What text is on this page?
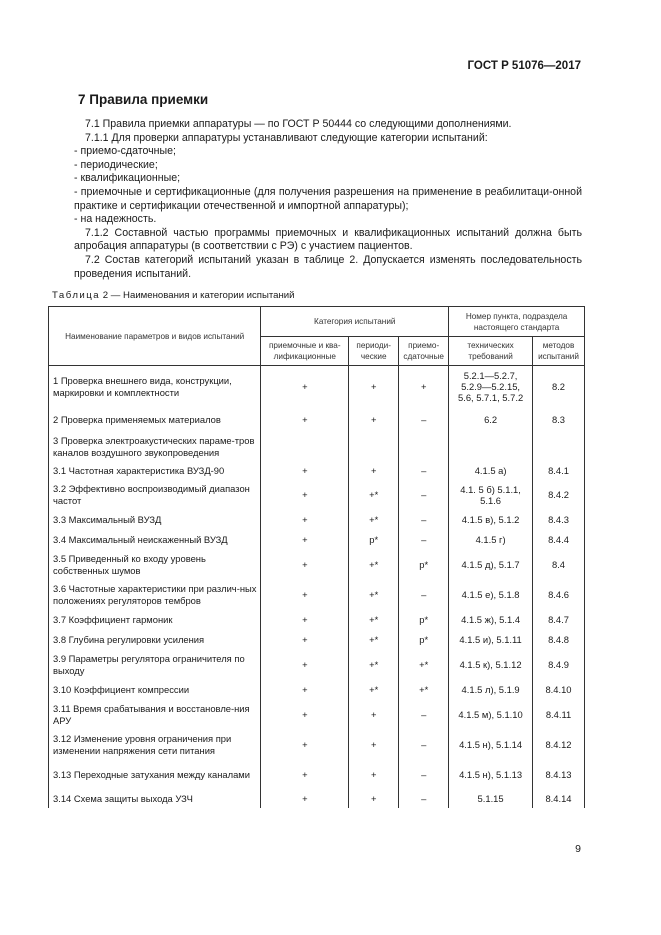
ГОСТ Р 51076—2017
7 Правила приемки

7.1 Правила приемки аппаратуры — по ГОСТ Р 50444 со следующими дополнениями.

7.1.1 Для проверки аппаратуры устанавливают следующие категории испытаний:

- приемо-сдаточные;

- периодические;

- квалификационные;

- приемочные и сертификационные (для получения разрешения на применение в реабилитаци-онной практике и сертификации отечественной и импортной аппаратуры);

- на надежность.

7.1.2 Составной частью программы приемочных и квалификационных испытаний должна быть апробация аппаратуры (в соответствии с РЭ) с участием пациентов.

7.2 Состав категорий испытаний указан в таблице 2. Допускается изменять последовательность проведения испытаний.

Таблица 2 — Наименования и категории испытаний
Наименование параметров и видов испытаний	Категория испытаний			Номер пункта, подраздела настоящего стандарта	
	приемочные и ква-лификационные	периоди-ческие	приемо-сдаточные	технических требований	методов испытаний
1 Проверка внешнего вида, конструкции, маркировки и комплектности	+	+	+	5.2.1—5.2.7, 5.2.9—5.2.15, 5.6, 5.7.1, 5.7.2	8.2
2 Проверка применяемых материалов	+	+	–	6.2	8.3
3 Проверка электроакустических параме-тров каналов воздушного звукопроведения					
3.1 Частотная характеристика ВУЗД-90	+	+	–	4.1.5 а)	8.4.1
3.2 Эффективно воспроизводимый диапазон частот	+	+*	–	4.1. 5 б) 5.1.1, 5.1.6	8.4.2
3.3 Максимальный ВУЗД	+	+*	–	4.1.5 в), 5.1.2	8.4.3
3.4 Максимальный неискаженный ВУЗД	+	p*	–	4.1.5 г)	8.4.4
3.5 Приведенный ко входу уровень собственных шумов	+	+*	p*	4.1.5 д), 5.1.7	8.4
3.6 Частотные характеристики при различ-ных положениях регуляторов тембров	+	+*	–	4.1.5 е), 5.1.8	8.4.6
3.7 Коэффициент гармоник	+	+*	p*	4.1.5 ж), 5.1.4	8.4.7
3.8 Глубина регулировки усиления	+	+*	p*	4.1.5 и), 5.1.11	8.4.8
3.9 Параметры регулятора ограничителя по выходу	+	+*	+*	4.1.5 к), 5.1.12	8.4.9
3.10 Коэффициент компрессии	+	+*	+*	4.1.5 л), 5.1.9	8.4.10
3.11 Время срабатывания и восстановле-ния АРУ	+	+	–	4.1.5 м), 5.1.10	8.4.11
3.12 Изменение уровня ограничения при изменении напряжения сети питания	+	+	–	4.1.5 н), 5.1.14	8.4.12
3.13 Переходные затухания между каналами	+	+	–	4.1.5 н), 5.1.13	8.4.13
3.14 Схема защиты выхода УЗЧ	+	+	–	5.1.15	8.4.14
9
